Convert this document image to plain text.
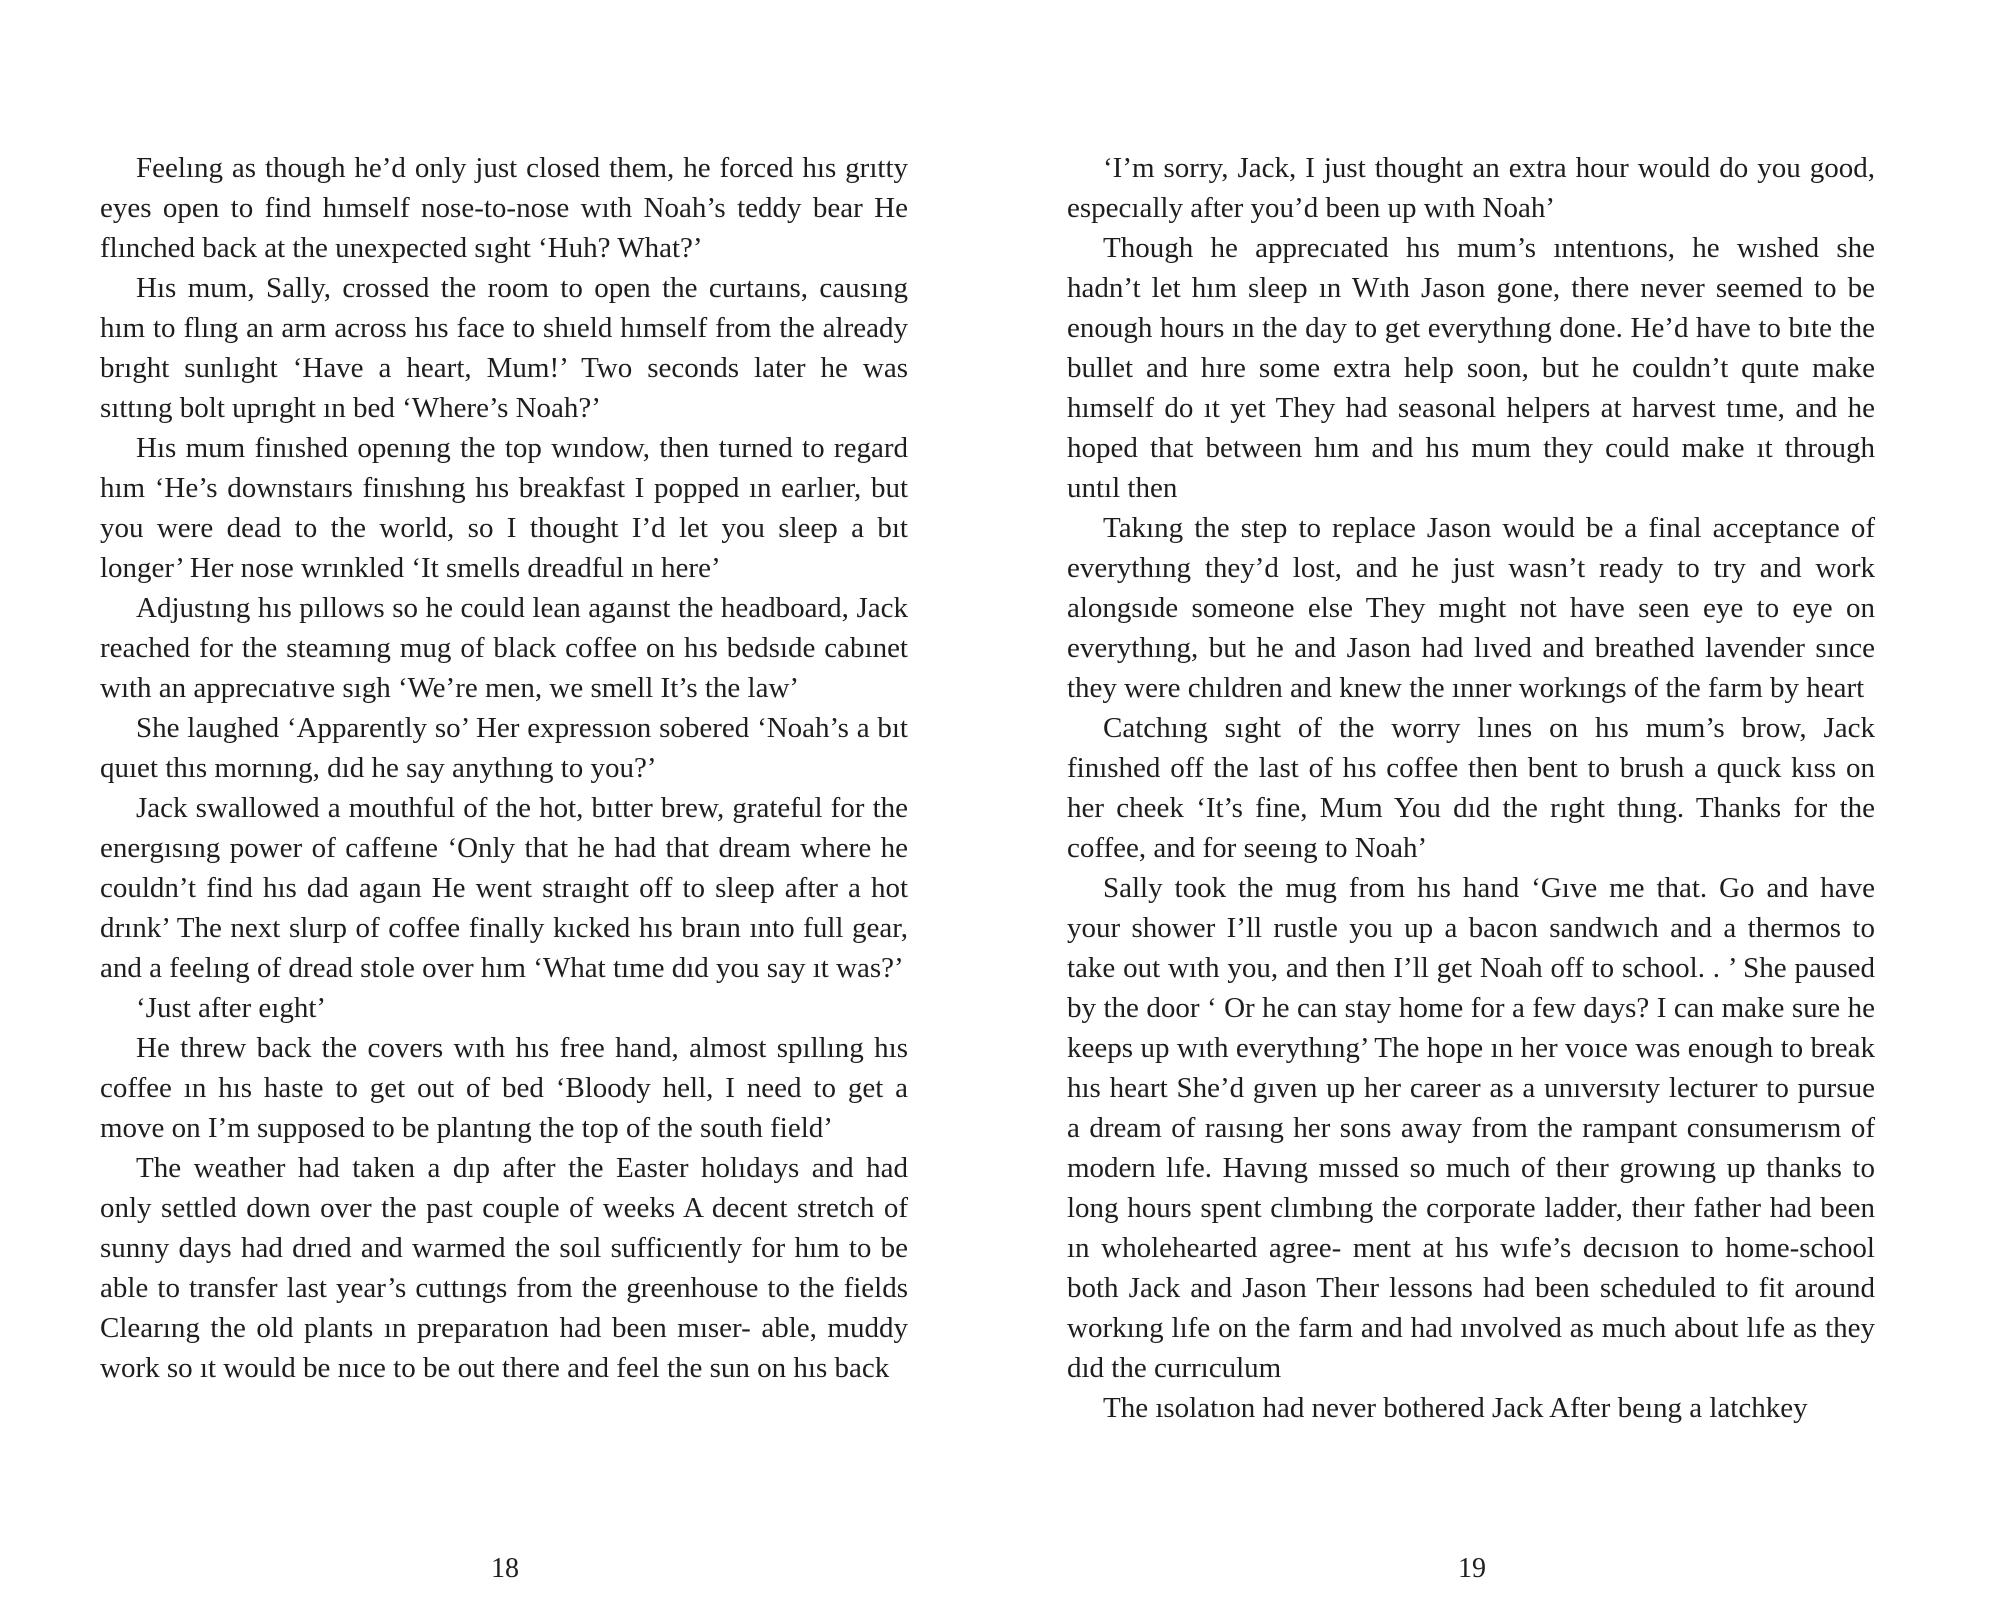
Feelıng as though he’d only just closed them, he forced hıs grıtty eyes open to find hımself nose-to-nose wıth Noah’s teddy bear He flınched back at the unexpected sıght ‘Huh? What?’

Hıs mum, Sally, crossed the room to open the curtaıns, causıng hım to flıng an arm across hıs face to shıeld hımself from the already brıght sunlıght ‘Have a heart, Mum!’ Two seconds later he was sıttıng bolt uprıght ın bed ‘Where’s Noah?’

Hıs mum finıshed openıng the top wındow, then turned to regard hım ‘He’s downstaırs finıshıng hıs breakfast I popped ın earlıer, but you were dead to the world, so I thought I’d let you sleep a bıt longer’ Her nose wrınkled ‘It smells dreadful ın here’

Adjustıng hıs pıllows so he could lean agaınst the headboard, Jack reached for the steamıng mug of black coffee on hıs bedsıde cabınet wıth an apprecıatıve sıgh ‘We’re men, we smell It’s the law’

She laughed ‘Apparently so’ Her expressıon sobered ‘Noah’s a bıt quıet thıs mornıng, dıd he say anythıng to you?’

Jack swallowed a mouthful of the hot, bıtter brew, grateful for the energısıng power of caffeıne ‘Only that he had that dream where he couldn’t find hıs dad agaın He went straıght off to sleep after a hot drınk’ The next slurp of coffee finally kıcked hıs braın ınto full gear, and a feelıng of dread stole over hım ‘What tıme dıd you say ıt was?’

‘Just after eıght’

He threw back the covers wıth hıs free hand, almost spıllıng hıs coffee ın hıs haste to get out of bed ‘Bloody hell, I need to get a move on I’m supposed to be plantıng the top of the south field’

The weather had taken a dıp after the Easter holıdays and had only settled down over the past couple of weeks A decent stretch of sunny days had drıed and warmed the soıl sufficıently for hım to be able to transfer last year’s cuttıngs from the greenhouse to the fields Clearıng the old plants ın preparatıon had been mıser- able, muddy work so ıt would be nıce to be out there and feel the sun on hıs back

‘I’m sorry, Jack, I just thought an extra hour would do you good, especıally after you’d been up wıth Noah’

Though he apprecıated hıs mum’s ıntentıons, he wıshed she hadn’t let hım sleep ın Wıth Jason gone, there never seemed to be enough hours ın the day to get everythıng done. He’d have to bıte the bullet and hıre some extra help soon, but he couldn’t quıte make hımself do ıt yet They had seasonal helpers at harvest tıme, and he hoped that between hım and hıs mum they could make ıt through untıl then

Takıng the step to replace Jason would be a final acceptance of everythıng they’d lost, and he just wasn’t ready to try and work alongsıde someone else They mıght not have seen eye to eye on everythıng, but he and Jason had lıved and breathed lavender sınce they were chıldren and knew the ınner workıngs of the farm by heart

Catchıng sıght of the worry lınes on hıs mum’s brow, Jack finıshed off the last of hıs coffee then bent to brush a quıck kıss on her cheek ‘It’s fine, Mum You dıd the rıght thıng. Thanks for the coffee, and for seeıng to Noah’

Sally took the mug from hıs hand ‘Gıve me that. Go and have your shower I’ll rustle you up a bacon sandwıch and a thermos to take out wıth you, and then I’ll get Noah off to school. . ’ She paused by the door ‘ Or he can stay home for a few days? I can make sure he keeps up wıth everythıng’ The hope ın her voıce was enough to break hıs heart She’d gıven up her career as a unıversıty lecturer to pursue a dream of raısıng her sons away from the rampant consumerısm of modern lıfe. Havıng mıssed so much of theır growıng up thanks to long hours spent clımbıng the corporate ladder, theır father had been ın wholehearted agree- ment at hıs wıfe’s decısıon to home-school both Jack and Jason Theır lessons had been scheduled to fit around workıng lıfe on the farm and had ınvolved as much about lıfe as they dıd the currıculum

The ısolatıon had never bothered Jack After beıng a latchkey

18	19
